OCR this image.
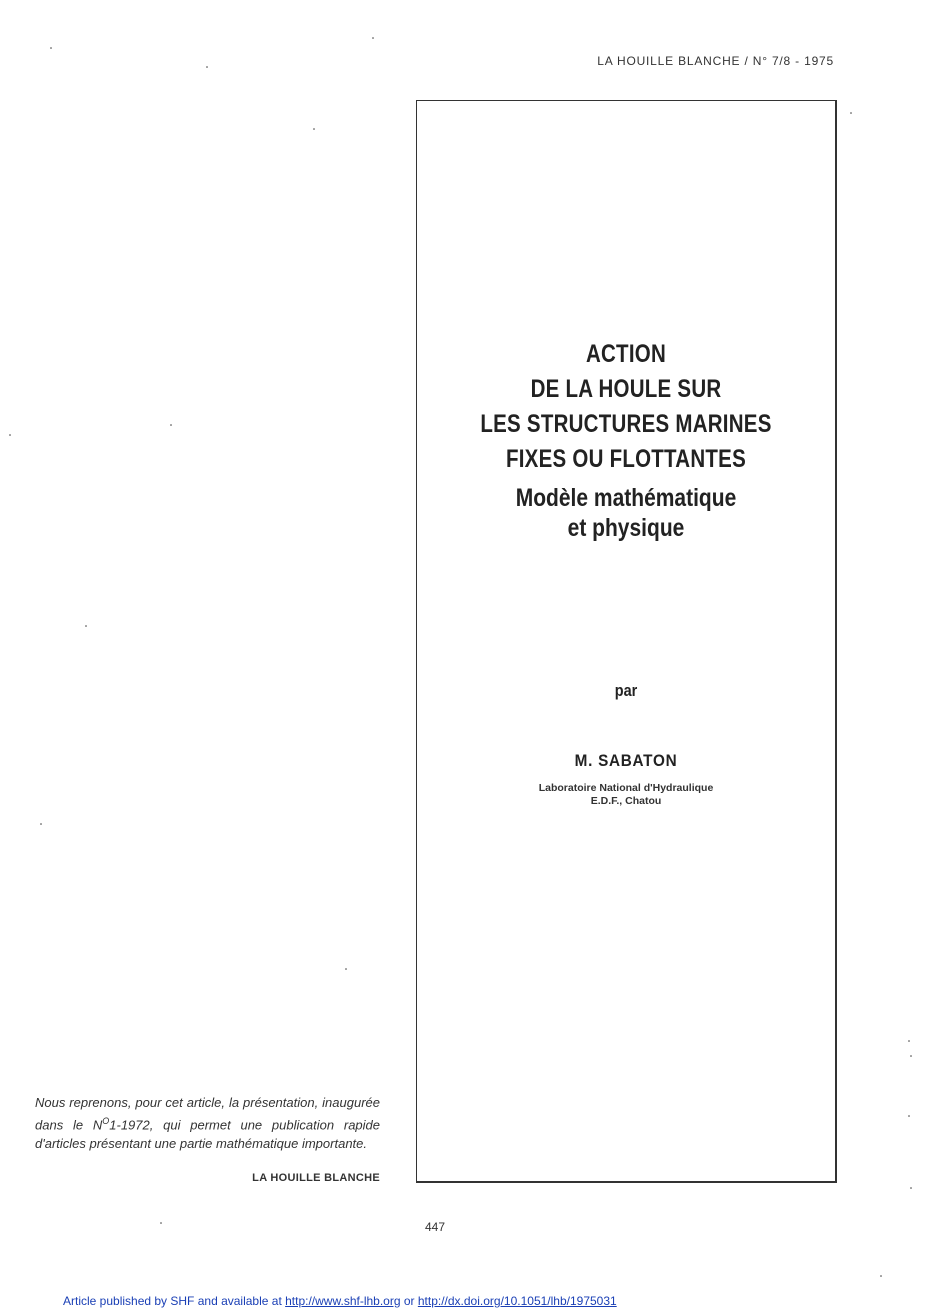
LA HOUILLE BLANCHE / N° 7/8 - 1975
ACTION
DE LA HOULE SUR
LES STRUCTURES MARINES
FIXES OU FLOTTANTES
Modèle mathématique
et physique
par
M. SABATON
Laboratoire National d'Hydraulique
E.D.F., Chatou
Nous reprenons, pour cet article, la présentation, inaugurée dans le $N^O1-1972$, qui permet une publication rapide d'articles présentant une partie mathématique importante.
LA HOUILLE BLANCHE
447
Article published by SHF and available at http://www.shf-lhb.org or http://dx.doi.org/10.1051/lhb/1975031
